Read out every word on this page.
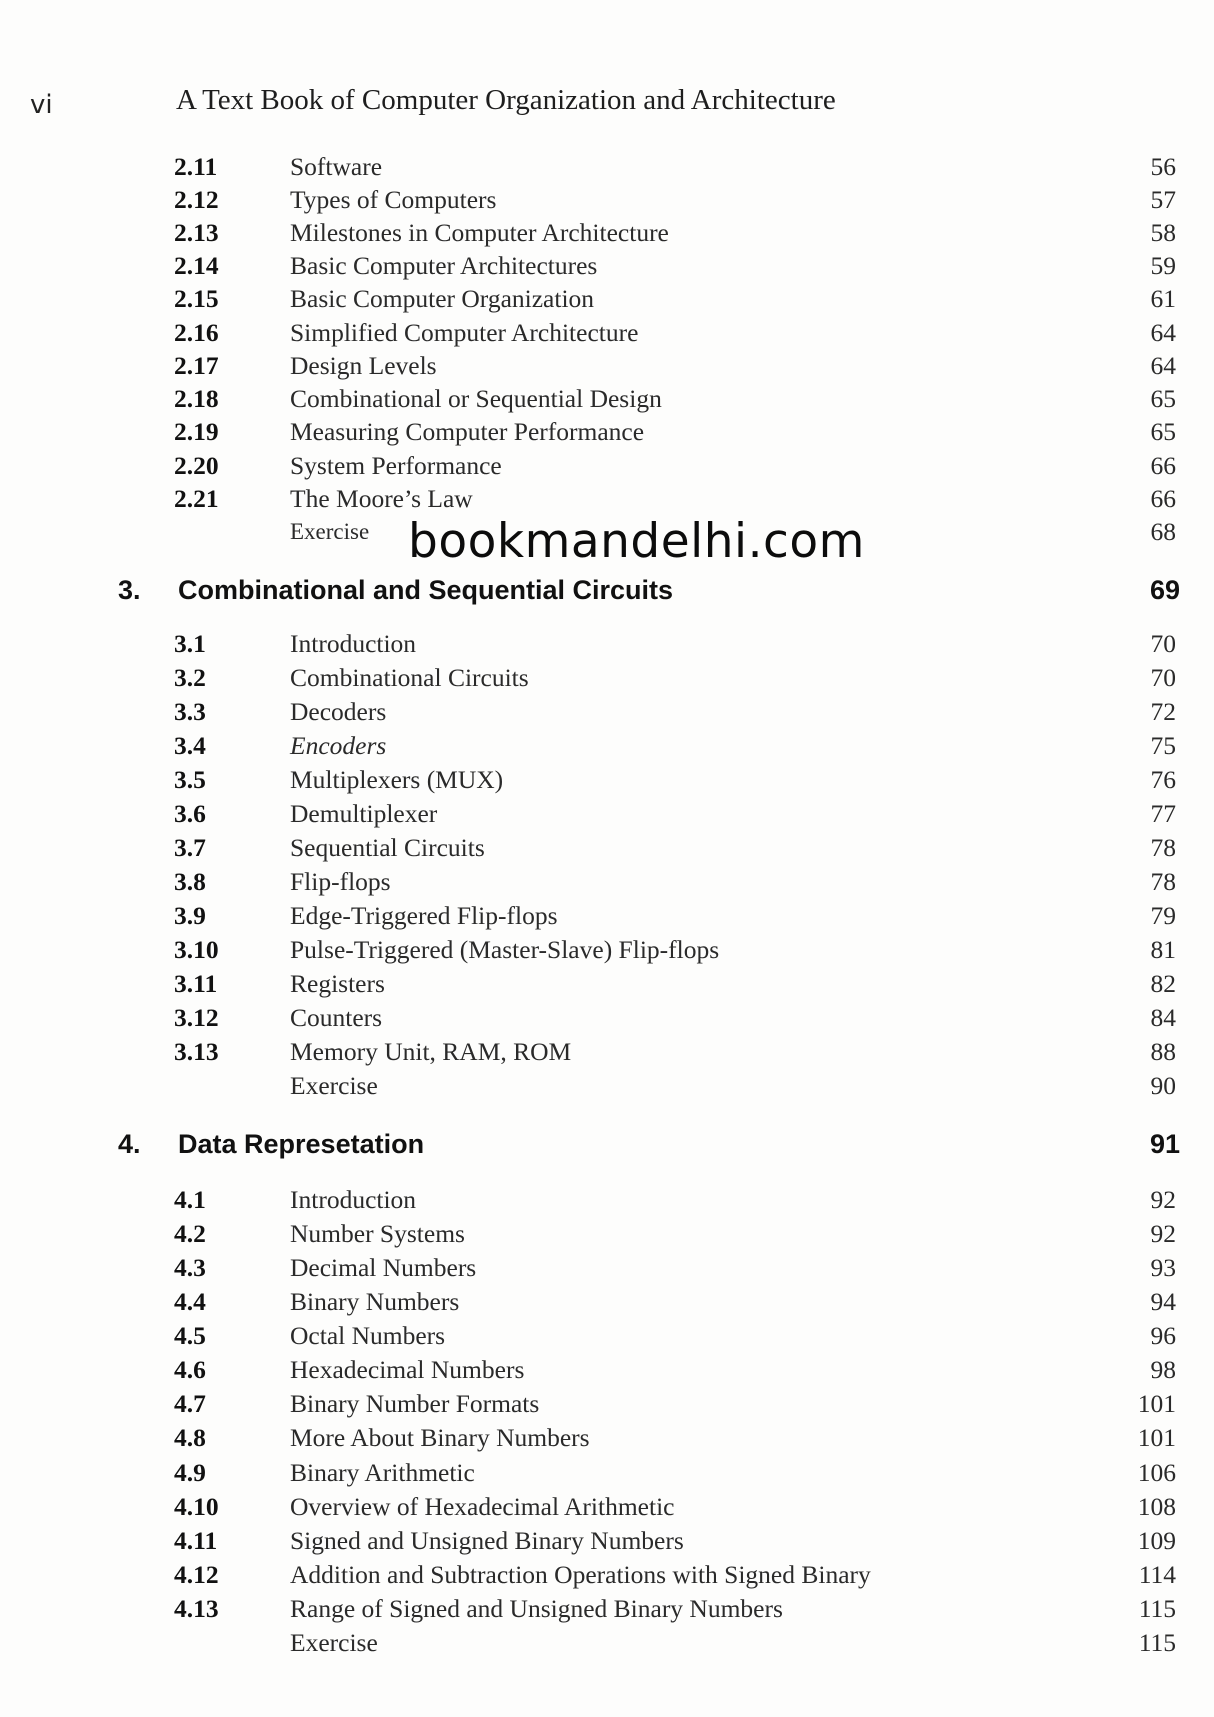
vi	A Text Book of Computer Organization and Architecture
2.11	Software	56
2.12	Types of Computers	57
2.13	Milestones in Computer Architecture	58
2.14	Basic Computer Architectures	59
2.15	Basic Computer Organization	61
2.16	Simplified Computer Architecture	64
2.17	Design Levels	64
2.18	Combinational or Sequential Design	65
2.19	Measuring Computer Performance	65
2.20	System Performance	66
2.21	The Moore’s Law	66
Exercise	68
bookmandelhi.com
3. Combinational and Sequential Circuits	69
3.1	Introduction	70
3.2	Combinational Circuits	70
3.3	Decoders	72
3.4	Encoders	75
3.5	Multiplexers (MUX)	76
3.6	Demultiplexer	77
3.7	Sequential Circuits	78
3.8	Flip-flops	78
3.9	Edge-Triggered Flip-flops	79
3.10	Pulse-Triggered (Master-Slave) Flip-flops	81
3.11	Registers	82
3.12	Counters	84
3.13	Memory Unit, RAM, ROM	88
Exercise	90
4. Data Represetation	91
4.1	Introduction	92
4.2	Number Systems	92
4.3	Decimal Numbers	93
4.4	Binary Numbers	94
4.5	Octal Numbers	96
4.6	Hexadecimal Numbers	98
4.7	Binary Number Formats	101
4.8	More About Binary Numbers	101
4.9	Binary Arithmetic	106
4.10	Overview of Hexadecimal Arithmetic	108
4.11	Signed and Unsigned Binary Numbers	109
4.12	Addition and Subtraction Operations with Signed Binary	114
4.13	Range of Signed and Unsigned Binary Numbers	115
Exercise	115
